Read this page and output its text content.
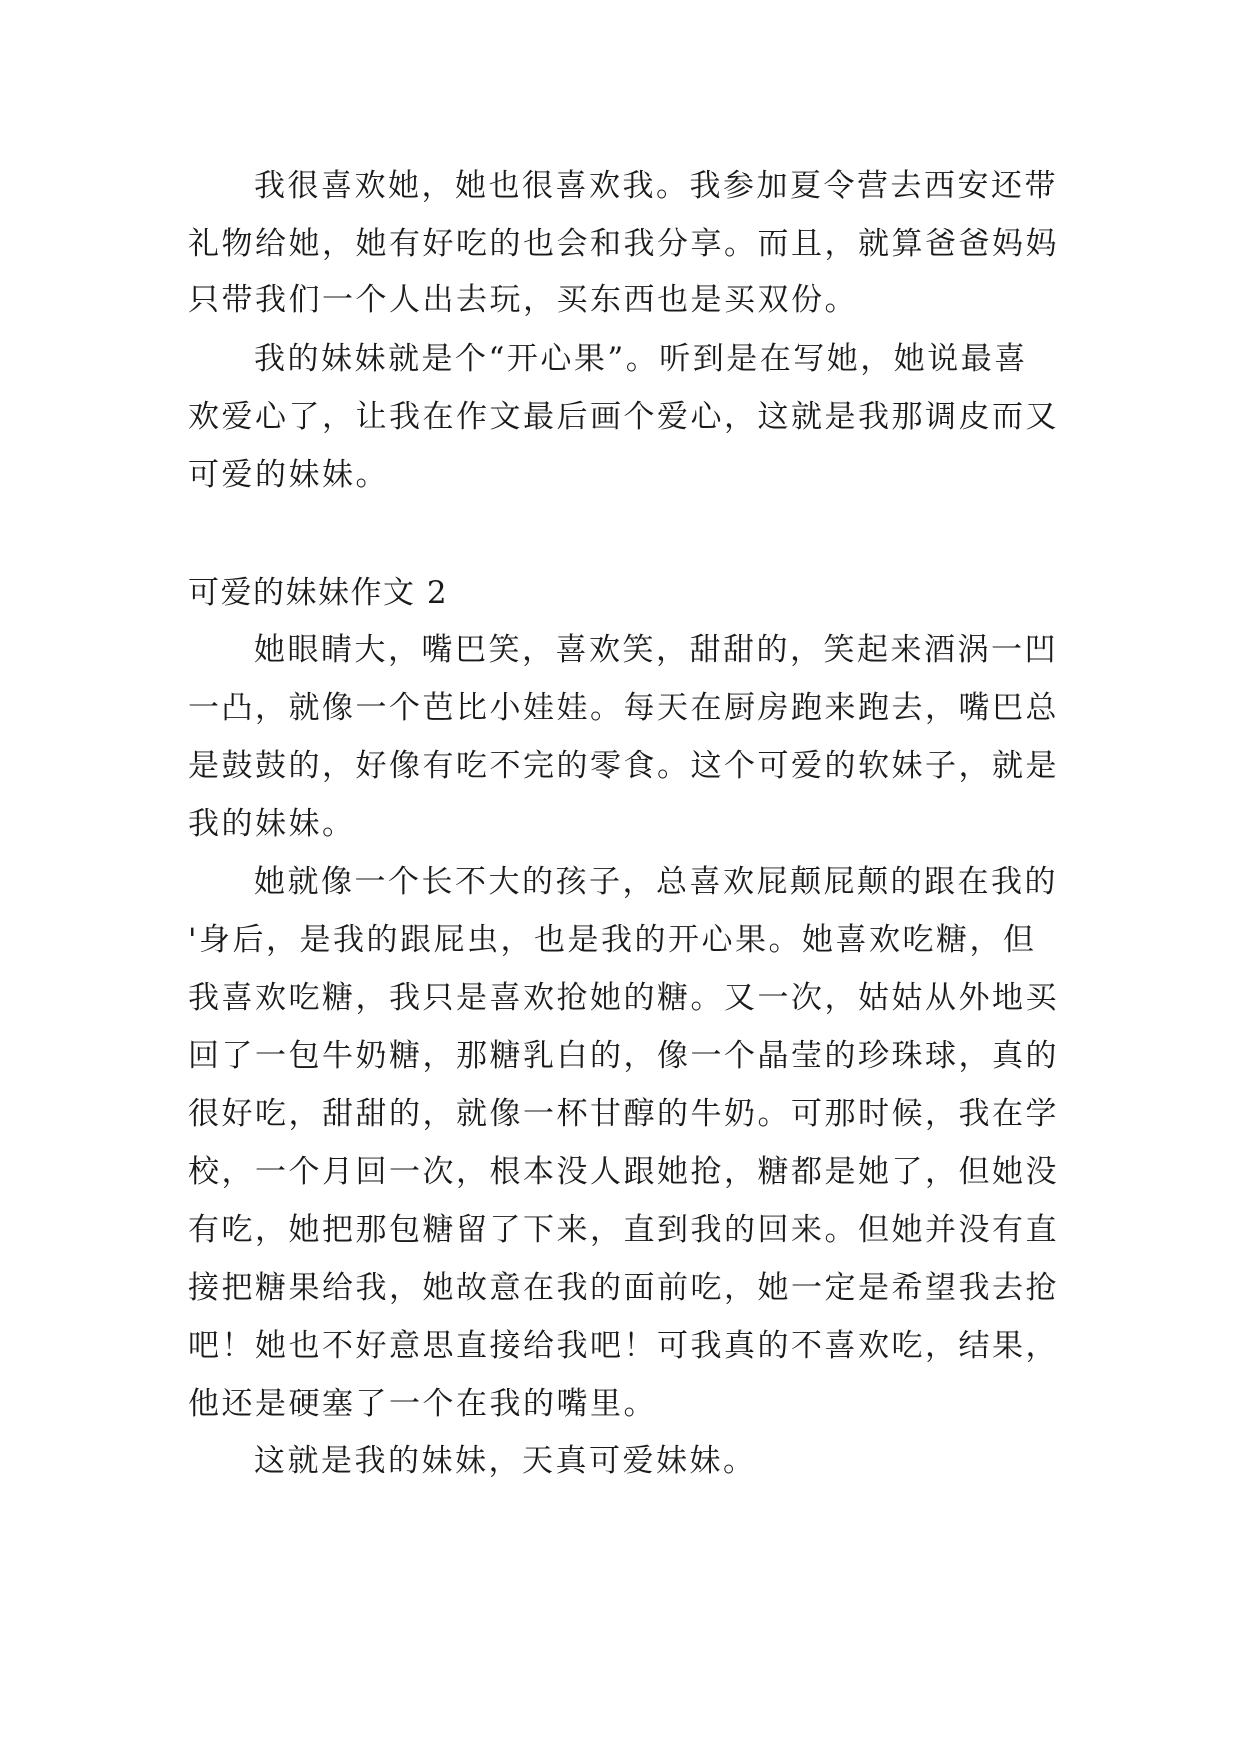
我很喜欢她，她也很喜欢我。我参加夏令营去西安还带
礼物给她，她有好吃的也会和我分享。而且，就算爸爸妈妈
只带我们一个人出去玩，买东西也是买双份。
我的妹妹就是个“开心果”。听到是在写她，她说最喜
欢爱心了，让我在作文最后画个爱心，这就是我那调皮而又
可爱的妹妹。
可爱的妹妹作文 2
她眼睛大，嘴巴笑，喜欢笑，甜甜的，笑起来酒涡一凹
一凸，就像一个芭比小娃娃。每天在厨房跑来跑去，嘴巴总
是鼓鼓的，好像有吃不完的零食。这个可爱的软妹子，就是
我的妹妹。
她就像一个长不大的孩子，总喜欢屁颠屁颠的跟在我的
'身后，是我的跟屁虫，也是我的开心果。她喜欢吃糖，但
我喜欢吃糖，我只是喜欢抢她的糖。又一次，姑姑从外地买
回了一包牛奶糖，那糖乳白的，像一个晶莹的珍珠球，真的
很好吃，甜甜的，就像一杯甘醇的牛奶。可那时候，我在学
校，一个月回一次，根本没人跟她抢，糖都是她了，但她没
有吃，她把那包糖留了下来，直到我的回来。但她并没有直
接把糖果给我，她故意在我的面前吃，她一定是希望我去抢
吧！她也不好意思直接给我吧！可我真的不喜欢吃，结果，
他还是硬塞了一个在我的嘴里。
这就是我的妹妹，天真可爱妹妹。
